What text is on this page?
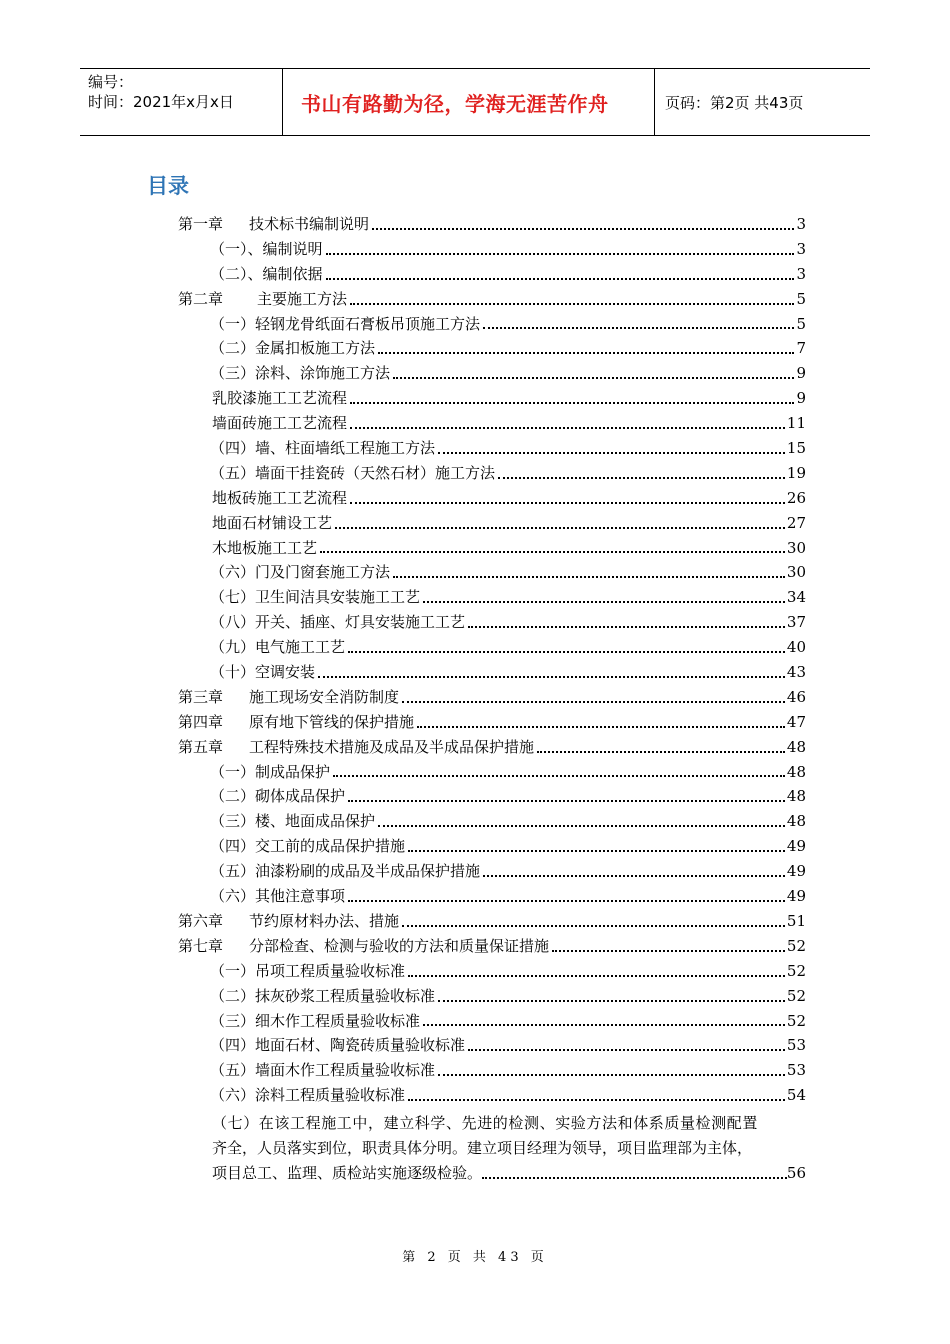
编号：
时间：2021年x月x日	书山有路勤为径，学海无涯苦作舟	页码：第2页 共43页
目录
第一章 技术标书编制说明	3
（一）、编制说明	3
（二）、编制依据	3
第二章 主要施工方法	5
（一）轻钢龙骨纸面石膏板吊顶施工方法	5
（二）金属扣板施工方法	7
（三）涂料、涂饰施工方法	9
乳胶漆施工工艺流程	9
墙面砖施工工艺流程	11
（四）墙、柱面墙纸工程施工方法	15
（五）墙面干挂瓷砖（天然石材）施工方法	19
地板砖施工工艺流程	26
地面石材铺设工艺	27
木地板施工工艺	30
（六）门及门窗套施工方法	30
（七）卫生间洁具安装施工工艺	34
（八）开关、插座、灯具安装施工工艺	37
（九）电气施工工艺	40
（十）空调安装	43
第三章 施工现场安全消防制度	46
第四章 原有地下管线的保护措施	47
第五章 工程特殊技术措施及成品及半成品保护措施	48
（一）制成品保护	48
（二）砌体成品保护	48
（三）楼、地面成品保护	48
（四）交工前的成品保护措施	49
（五）油漆粉刷的成品及半成品保护措施	49
（六）其他注意事项	49
第六章 节约原材料办法、措施	51
第七章 分部检查、检测与验收的方法和质量保证措施	52
（一）吊项工程质量验收标准	52
（二）抹灰砂浆工程质量验收标准	52
（三）细木作工程质量验收标准	52
（四）地面石材、陶瓷砖质量验收标准	53
（五）墙面木作工程质量验收标准	53
（六）涂料工程质量验收标准	54
（七）在该工程施工中，建立科学、先进的检测、实验方法和体系质量检测配置
齐全，人员落实到位，职责具体分明。建立项目经理为领导，项目监理部为主体，
项目总工、监理、质检站实施逐级检验。	56
第 2 页 共 43 页
